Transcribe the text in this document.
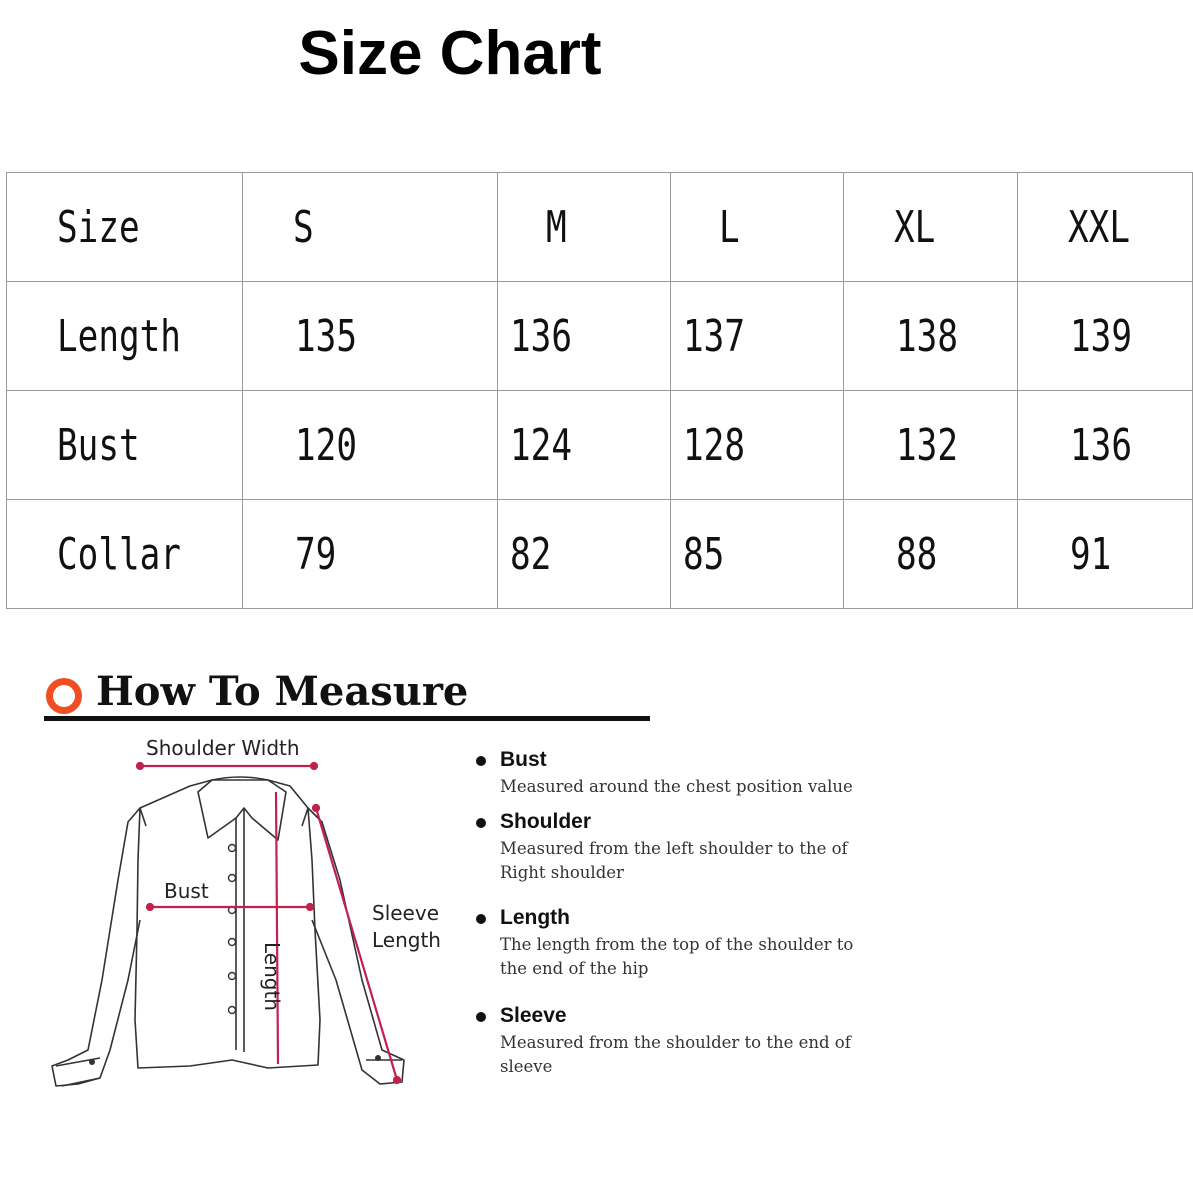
Size Chart
Size	S	M	L	XL	XXL
Length	135	136	137	138	139
Bust	120	124	128	132	136
Collar	79	82	85	88	91
How To Measure
Shoulder Width
Bust
Length
Sleeve
Length
Bust
Measured around the chest position value
Shoulder
Measured from the left shoulder to the of Right shoulder
Length
The length from the top of the shoulder to the end of the hip
Sleeve
Measured from the shoulder to the end of sleeve
